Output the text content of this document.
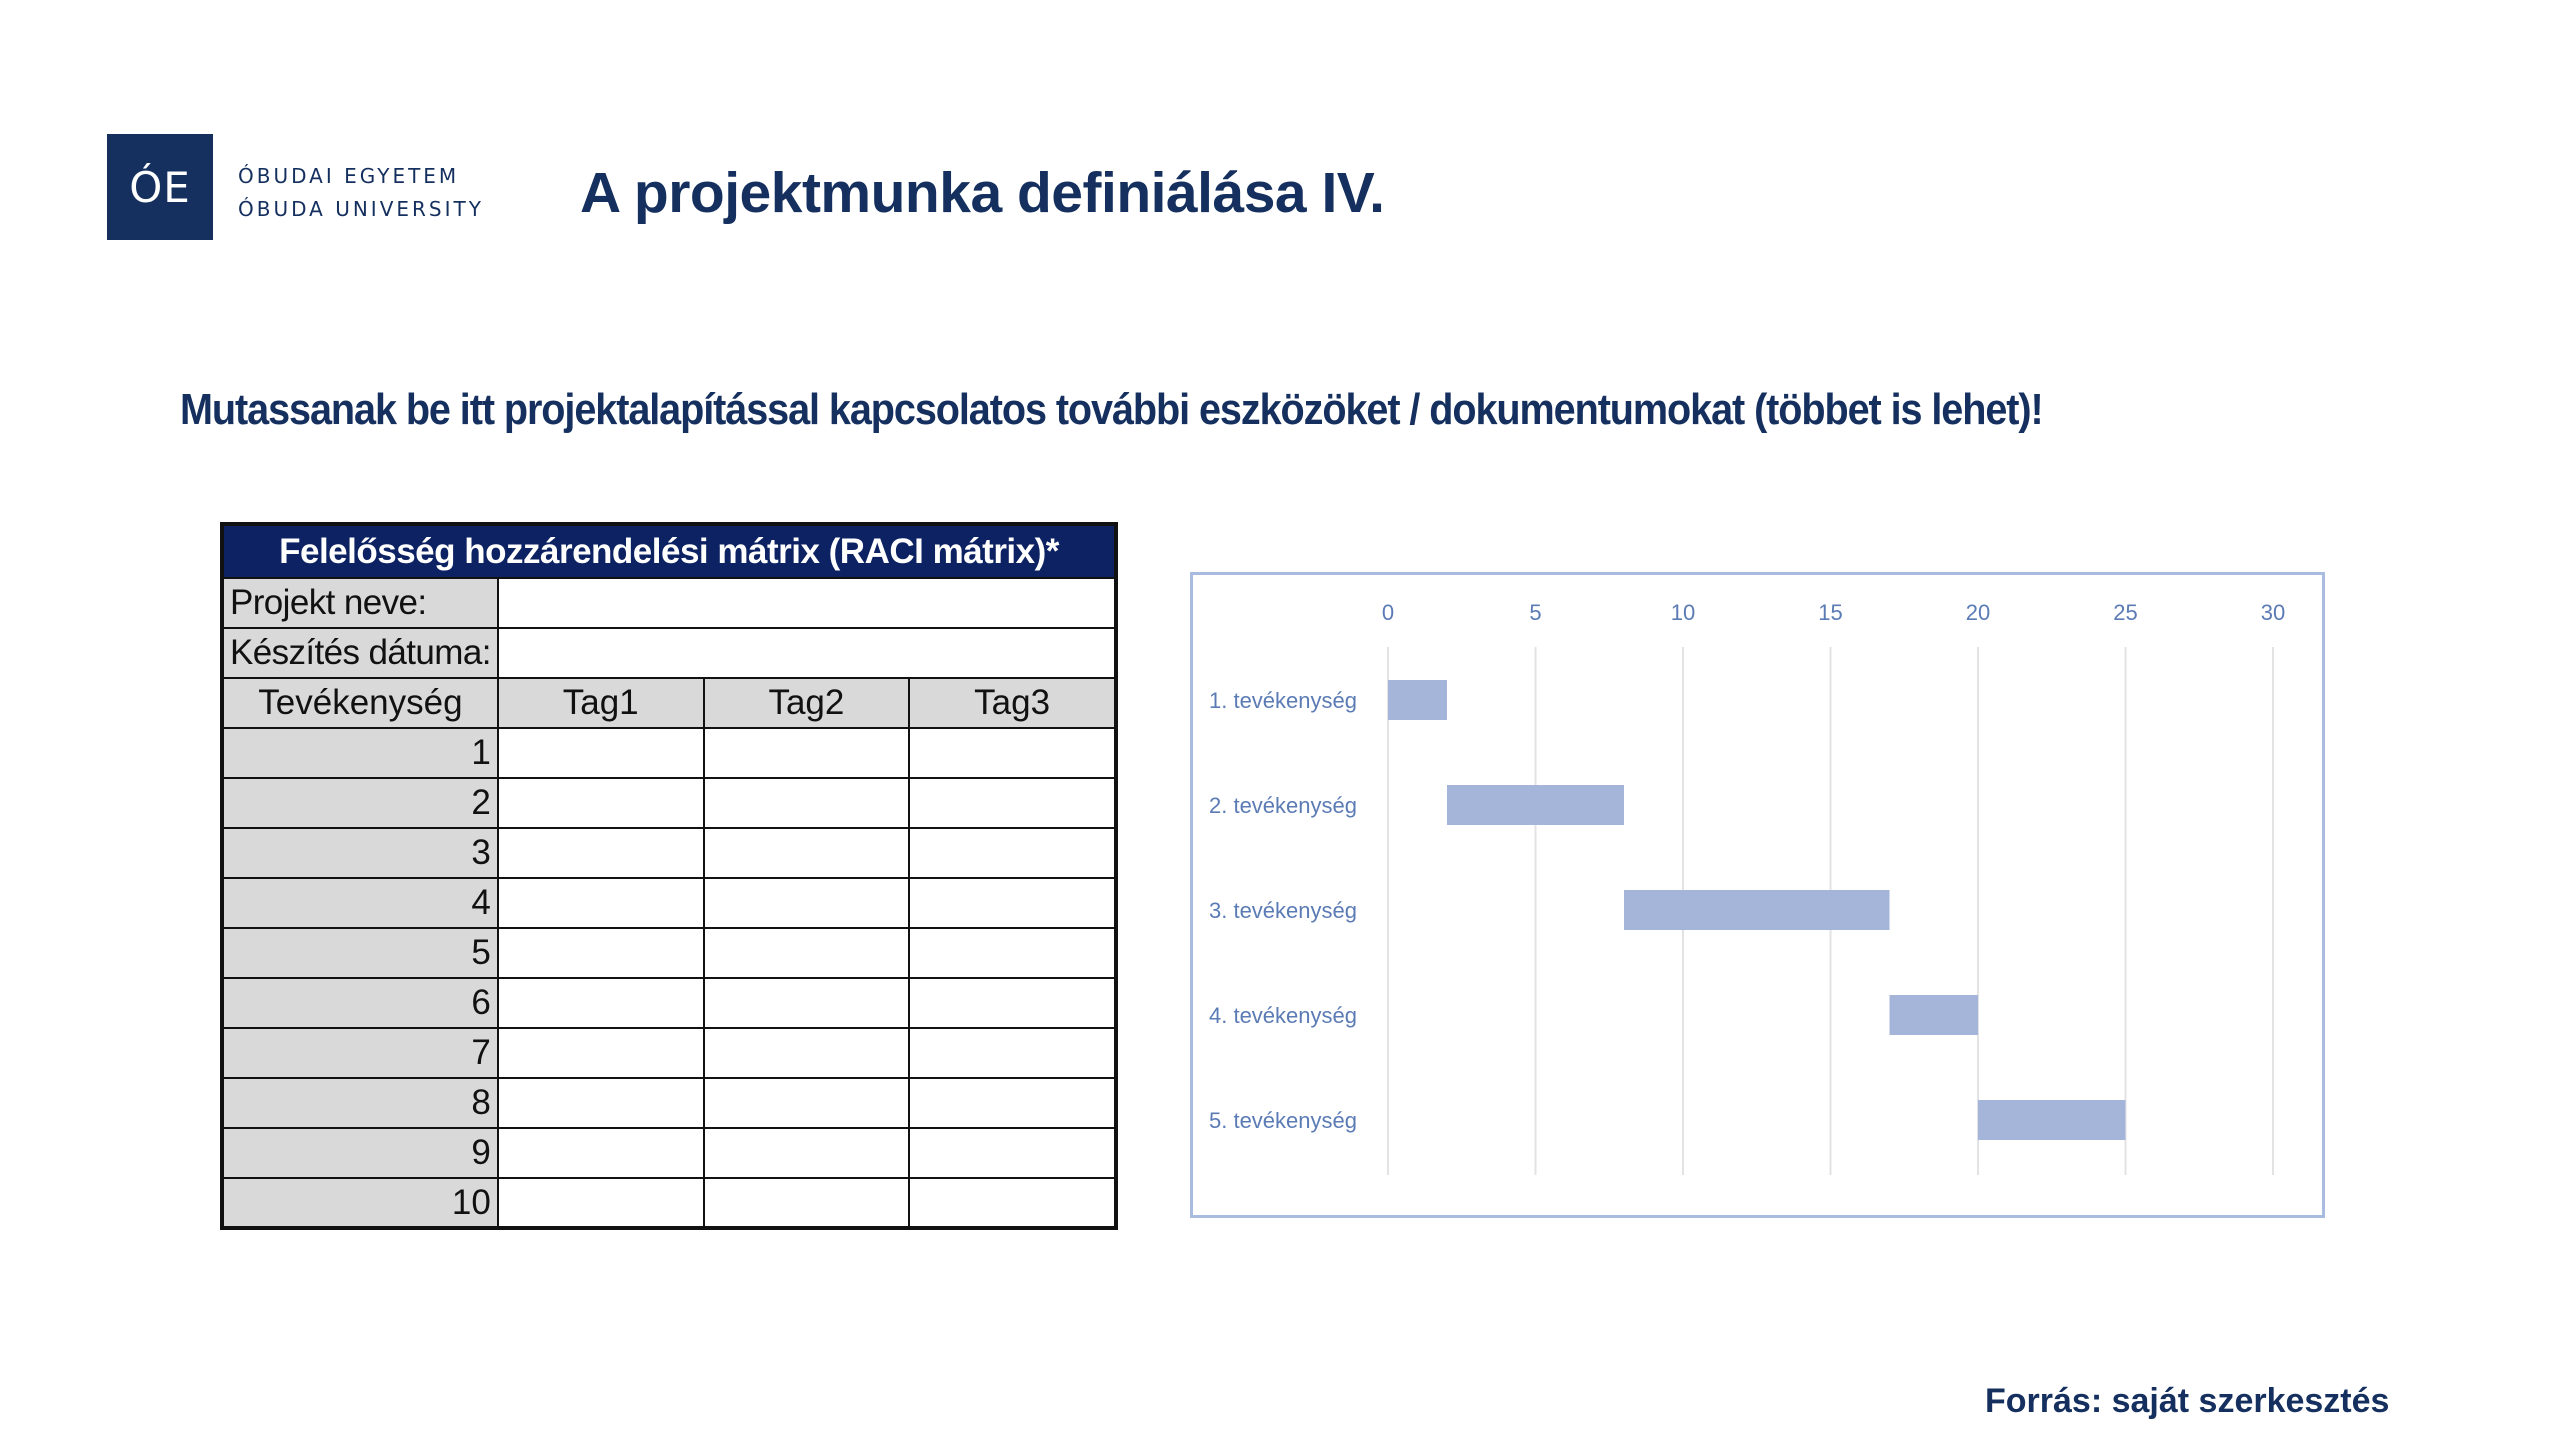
ÓE ÓBUDAI EGYETEM
ÓBUDA UNIVERSITY A projektmunka definiálása IV.
Mutassanak be itt projektalapítással kapcsolatos további eszközöket / dokumentumokat (többet is lehet)!
Felelősség hozzárendelési mátrix (RACI mátrix)*			
Projekt neve:			
Készítés dátuma:			
Tevékenység	Tag1	Tag2	Tag3
1			
2			
3			
4			
5			
6			
7			
8			
9			
10			
0	5	10	15	20	25	30
1. tevékenység
2. tevékenység
3. tevékenység
4. tevékenység
5. tevékenység

Forrás: saját szerkesztés
